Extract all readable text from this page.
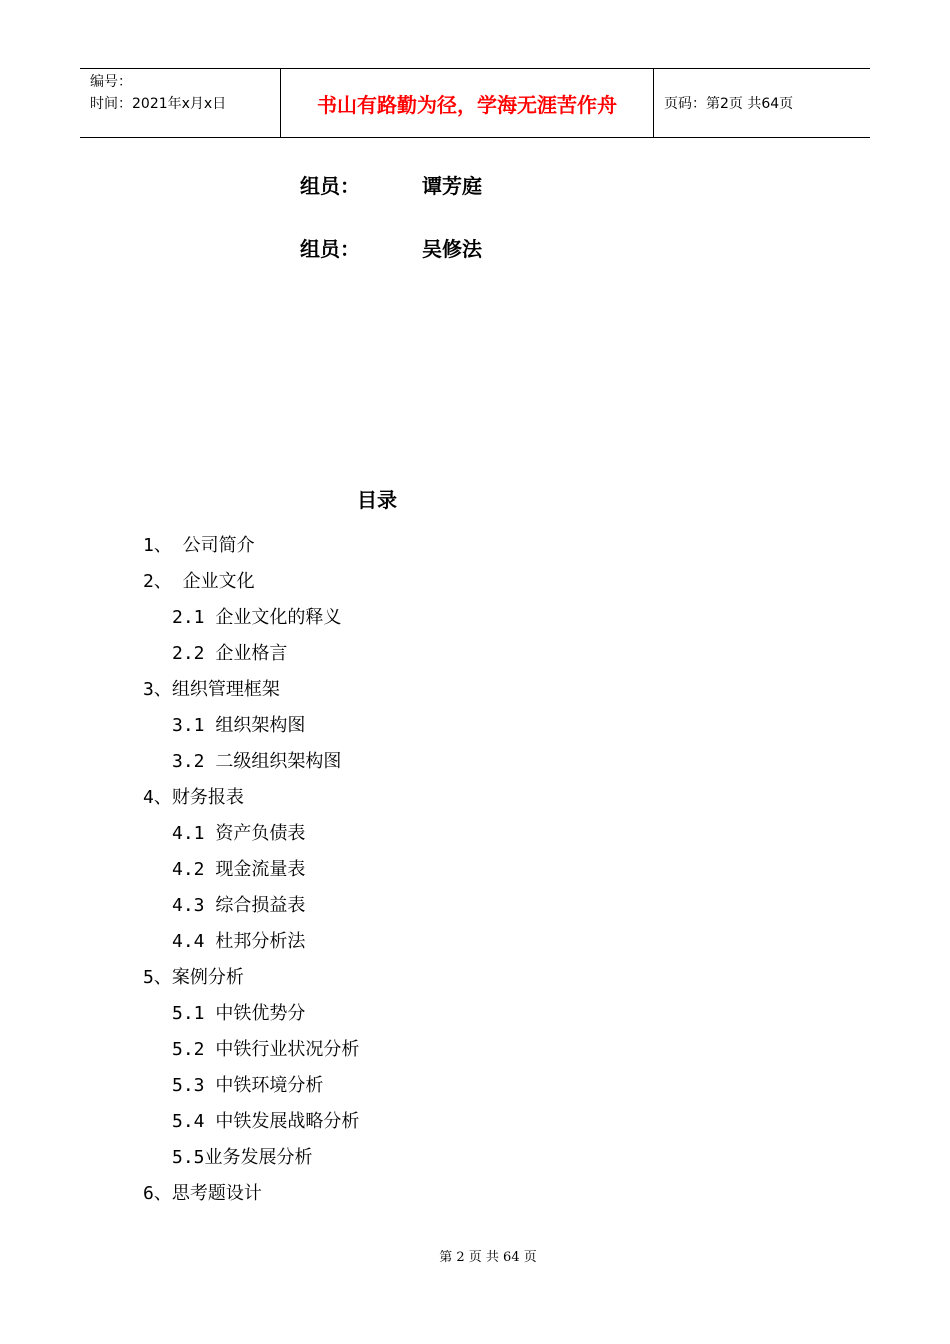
编号：
时间：2021年x月x日	书山有路勤为径，学海无涯苦作舟	页码：第2页 共64页
组员：	谭芳庭
组员：	吴修法
目录
1、 公司简介
2、 企业文化
2.1 企业文化的释义
2.2 企业格言
3、组织管理框架
3.1 组织架构图
3.2 二级组织架构图
4、财务报表
4.1 资产负债表
4.2 现金流量表
4.3 综合损益表
4.4 杜邦分析法
5、案例分析
5.1 中铁优势分
5.2 中铁行业状况分析
5.3 中铁环境分析
5.4 中铁发展战略分析
5.5业务发展分析
6、思考题设计
第 2 页 共 64 页
